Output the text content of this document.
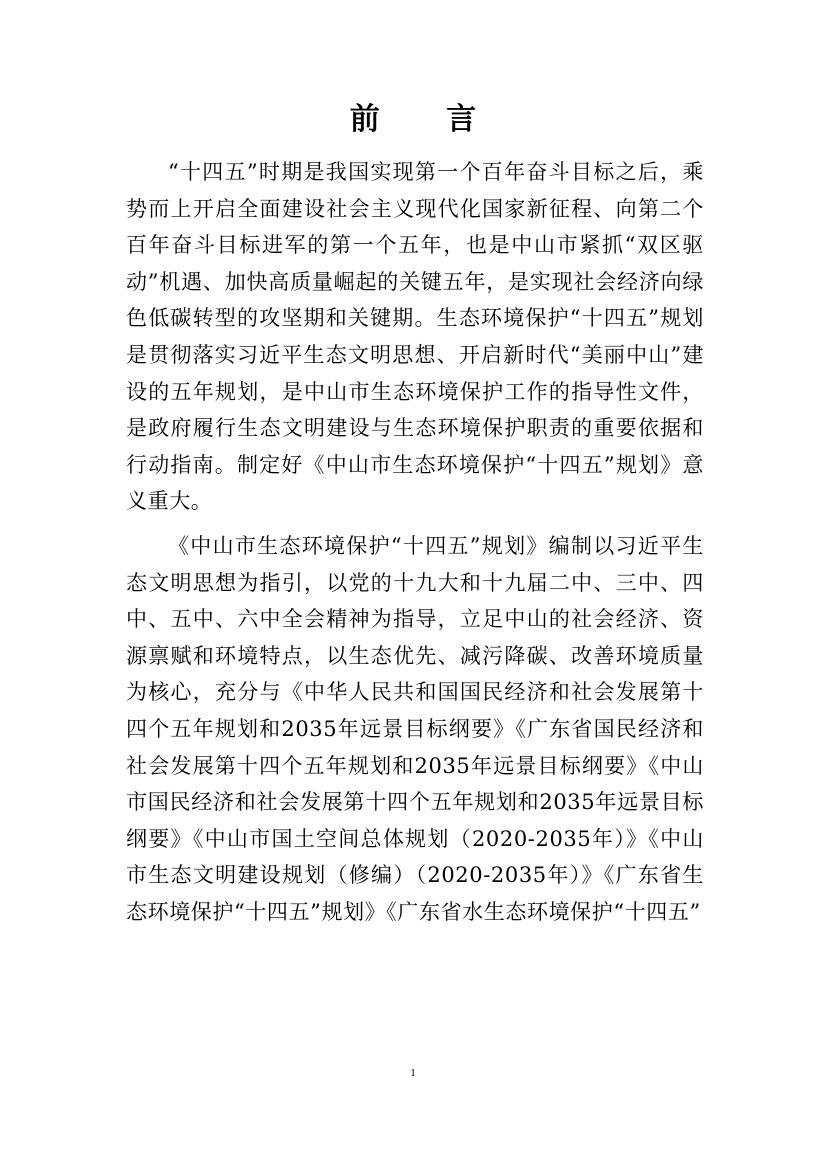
前 言

“十四五”时期是我国实现第一个百年奋斗目标之后，乘势而上开启全面建设社会主义现代化国家新征程、向第二个百年奋斗目标进军的第一个五年，也是中山市紧抓“双区驱动”机遇、加快高质量崛起的关键五年，是实现社会经济向绿色低碳转型的攻坚期和关键期。生态环境保护“十四五”规划是贯彻落实习近平生态文明思想、开启新时代“美丽中山”建设的五年规划，是中山市生态环境保护工作的指导性文件，是政府履行生态文明建设与生态环境保护职责的重要依据和行动指南。制定好《中山市生态环境保护“十四五”规划》意义重大。

《中山市生态环境保护“十四五”规划》编制以习近平生态文明思想为指引，以党的十九大和十九届二中、三中、四中、五中、六中全会精神为指导，立足中山的社会经济、资源禀赋和环境特点，以生态优先、减污降碳、改善环境质量为核心，充分与《中华人民共和国国民经济和社会发展第十四个五年规划和2035年远景目标纲要》《广东省国民经济和社会发展第十四个五年规划和2035年远景目标纲要》《中山市国民经济和社会发展第十四个五年规划和2035年远景目标纲要》《中山市国土空间总体规划（2020-2035年）》《中山市生态文明建设规划（修编）（2020-2035年）》《广东省生态环境保护“十四五”规划》《广东省水生态环境保护“十四五”

1
